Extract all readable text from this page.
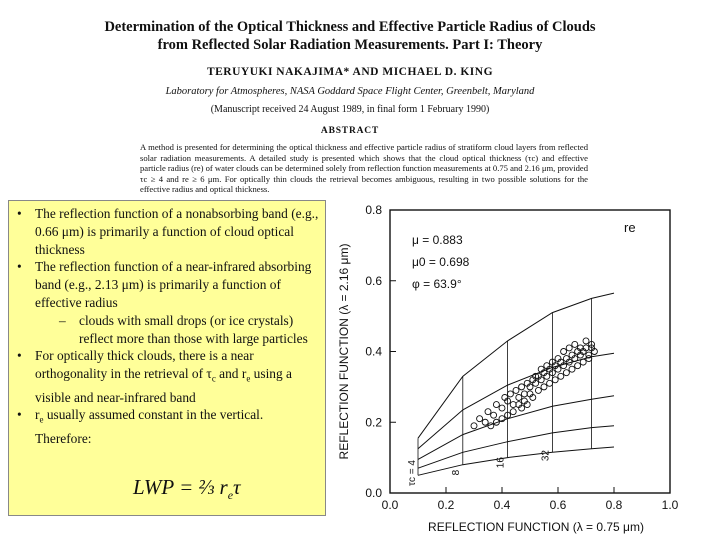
Determination of the Optical Thickness and Effective Particle Radius of Clouds
from Reflected Solar Radiation Measurements. Part I: Theory
TERUYUKI NAKAJIMA* AND MICHAEL D. KING
Laboratory for Atmospheres, NASA Goddard Space Flight Center, Greenbelt, Maryland
(Manuscript received 24 August 1989, in final form 1 February 1990)
ABSTRACT
A method is presented for determining the optical thickness and effective particle radius of stratiform cloud layers from reflected solar radiation measurements. A detailed study is presented which shows that the cloud optical thickness (τc) and effective particle radius (re) of water clouds can be determined solely from reflection function measurements at 0.75 and 2.16 μm, provided τc ≥ 4 and re ≥ 6 μm. For optically thin clouds the retrieval becomes ambiguous, resulting in two possible solutions for the effective radius and optical thickness.
• The reflection function of a nonabsorbing band (e.g., 0.66 μm) is primarily a function of cloud optical thickness
• The reflection function of a near-infrared absorbing band (e.g., 2.13 μm) is primarily a function of effective radius
– clouds with small drops (or ice crystals) reflect more than those with large particles
• For optically thick clouds, there is a near orthogonality in the retrieval of $\tau_c$ and $r_e$ using a visible and near-infrared band
• $r_e$ usually assumed constant in the vertical. Therefore:
LWP = ⅔ $r_e\tau$
0.0	0.2	0.4	0.6	0.8	1.0
0.0
0.2
0.4
0.6
0.8
μ = 0.883
μ0 = 0.698
φ = 63.9°
re
τc = 4	8
16
32
REFLECTION FUNCTION (λ = 0.75 μm)
REFLECTION FUNCTION (λ = 2.16 μm)
